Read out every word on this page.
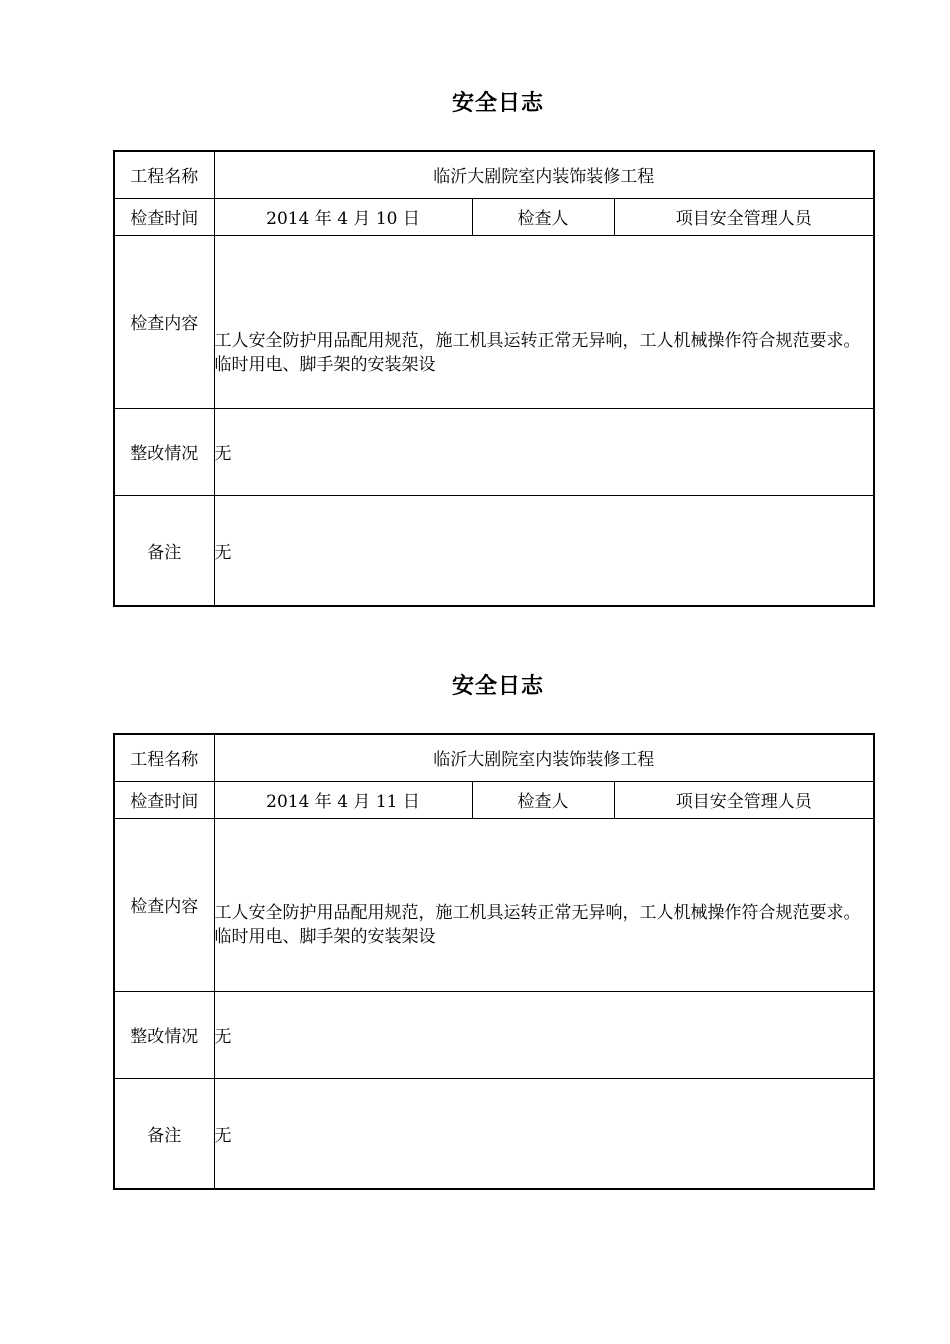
安全日志
工程名称	临沂大剧院室内装饰装修工程		
检查时间	2014 年 4 月 10 日	检查人	项目安全管理人员
检查内容	工人安全防护用品配用规范，施工机具运转正常无异响，工人机械操作符合规范要求。临时用电、脚手架的安装架设		

整改情况	无		
备注	无		
安全日志
工程名称	临沂大剧院室内装饰装修工程		
检查时间	2014 年 4 月 11 日	检查人	项目安全管理人员
检查内容	工人安全防护用品配用规范，施工机具运转正常无异响，工人机械操作符合规范要求。临时用电、脚手架的安装架设		

整改情况	无		
备注	无		
